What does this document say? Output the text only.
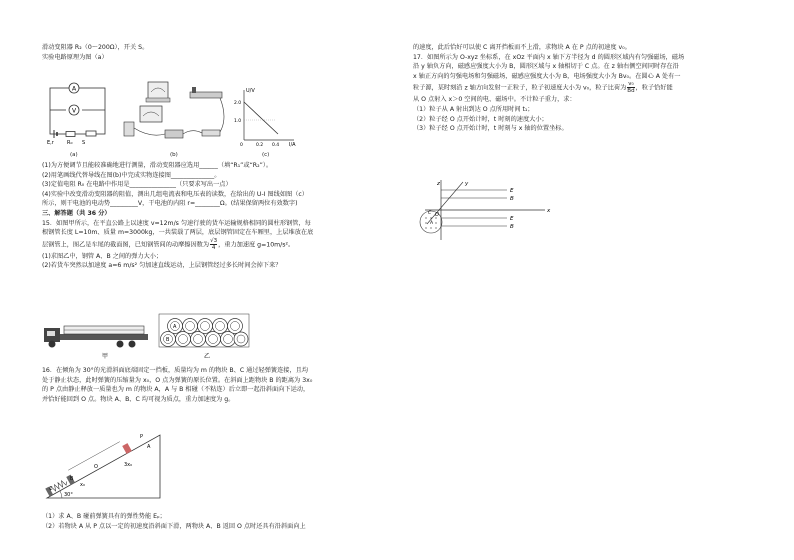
滑动变阻器 R₂（0～200Ω），开关 S。

实验电路原理为图（a）

A
V
E,r	R₀ S
(a)	(b)
U/V
I/A
2.0
1.0
0	0.2 0.4
(c)

(1)为方便调节且能较准确地进行测量，滑动变阻器应选用______（填“R₁”或“R₂”）。

(2)用笔画线代替导线在图(b)中完成实物连接图______________。

(3)定值电阻 R₀ 在电路中作用是_______________（只要求写出一点）

(4)实验中改变滑动变阻器的阻值，测出几组电流表和电压表的读数，在给出的 U-I 图线如图（c）

所示，则干电池的电动势_________V，干电池的内阻 r=________Ω。(结果保留两位有效数字)

三、解答题（共 36 分）

15．如图甲所示，在平直公路上以速度 v=12m/s 匀速行驶的货车运输规格相同的圆柱形钢管，每

根钢管长度 L=10m、质量 m=3000kg，一共装载了两层，底层钢管固定在车厢里，上层堆放在底

层钢管上，图乙是车尾的截面图，已知钢管间的动摩擦因数为 $\frac{√3}{4}$ ，重力加速度 g=10m/s²。

(1)求图乙中，钢管 A、B 之间的弹力大小；

(2)若货车突然以加速度 a=6 m/s² 匀加速直线运动，上层钢管经过多长时间会掉下来？

甲
A
B
乙

16．在倾角为 30°的光滑斜面底端固定一挡板，质量均为 m 的物块 B、C 通过轻弹簧连接，且均

处于静止状态，此时弹簧的压缩量为 x₀，O 点为弹簧的原长位置。在斜面上距物块 B 的距离为 3x₀

的 P 点由静止释放一质量也为 m 的物块 A，A 与 B 相碰（不粘连）后立即一起沿斜面向下运动，

并恰好能回到 O 点。物块 A、B、C 均可视为质点，重力加速度为 g。

30°
C
B
O
x₀
3x₀
P
A

（1）求 A、B 碰前弹簧具有的弹性势能 Eₚ；

（2）若物块 A 从 P 点以一定的初速度沿斜面下滑，两物块 A、B 返回 O 点时还具有沿斜面向上

的速度，此后恰好可以使 C 离开挡板而不上滑，求物块 A 在 P 点的初速度 v₀。

17．如图所示为 O-xyz 坐标系，在 xOz 平面内 x 轴下方半径为 d 的圆形区域内有匀强磁场，磁场

沿 y 轴负方向，磁感应强度大小为 B，圆形区域与 x 轴相切于 C 点。在 z 轴右侧空间同时存在沿

x 轴正方向的匀强电场和匀强磁场，磁感应强度大小为 B，电场强度大小为 Bv₀。在圆心 A 处有一

粒子源，某时刻沿 z 轴方向发射一正粒子，粒子初速度大小为 v₀，粒子比荷为 $\frac{\text{v₀}}{Bd}$ ，粒子恰好能

从 O 点射入 x＞0 空间的电、磁场中。不计粒子重力，求：

（1）粒子从 A 射出到达 O 点所用时间 t₁；

（2）粒子经 O 点开始计时，t 时刻的速度大小；

（3）粒子经 O 点开始计时，t 时刻与 x 轴的位置坐标。

z
x
y
E
B
E
B
A
O
C
